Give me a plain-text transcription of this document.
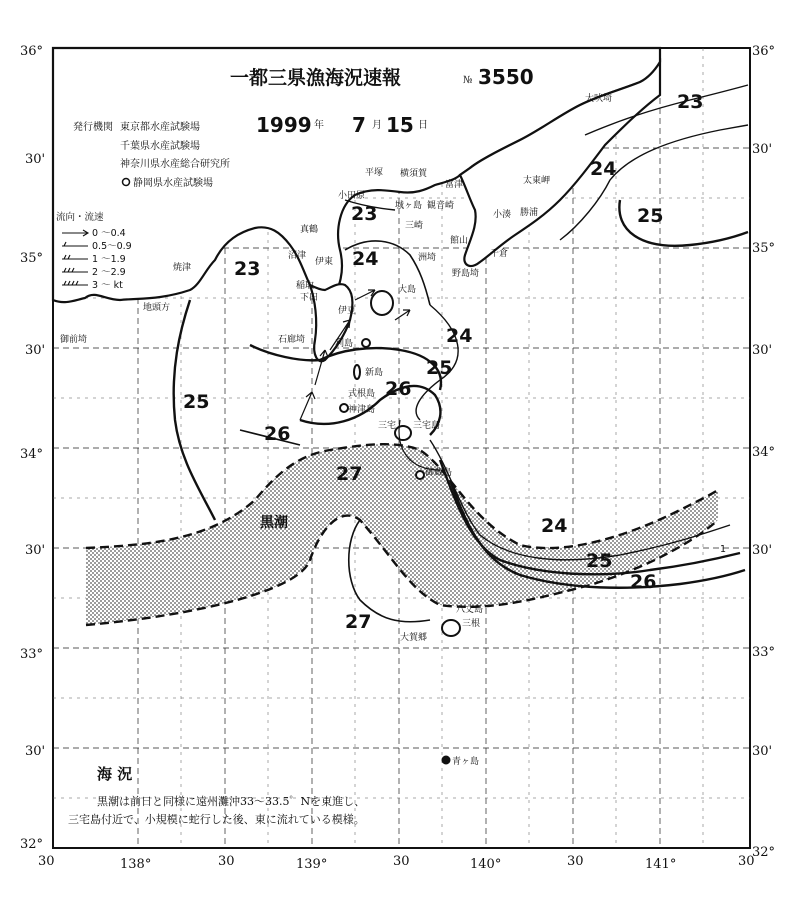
一都三県漁海況速報	№ 3550
発行機関 東京都水産試験場
千葉県水産試験場
神奈川県水産総合研究所
静岡県水産試験場
1999 年 7 月 15 日
流向・流速
0 ～0.4
0.5～0.9
1 ～1.9
2 ～2.9
3 ～ kt
23
23
23
24
24
24
24
25
25
25
25
26
26
26
27
27
黒潮
1
大吠埼
太東岬
勝浦
小湊
千倉
館山
野島埼
洲埼
平塚 横須賀
富津
観音崎
城ヶ島
三崎
小田原
真鶴
伊東
沼津
焼津
稲取
下田
石廊埼
御前埼
地頭方
大島
利島
新島
式根島
神津島
三宅島
御蔵島
八丈島
三根
大賀郷
青ヶ島
伊豆
三宅
海 況
黒潮は前日と同様に遠州灘沖33～33.5゜Nを東進し、
三宅島付近で、小規模に蛇行した後、東に流れている模様。
36°
30'
35°
30'
34°
30'
33°
30'
32°
36°
30'
35°
30'
34°
30'
33°
30'
32°
30	138°	30	139°	30	140°	30	141°	30
